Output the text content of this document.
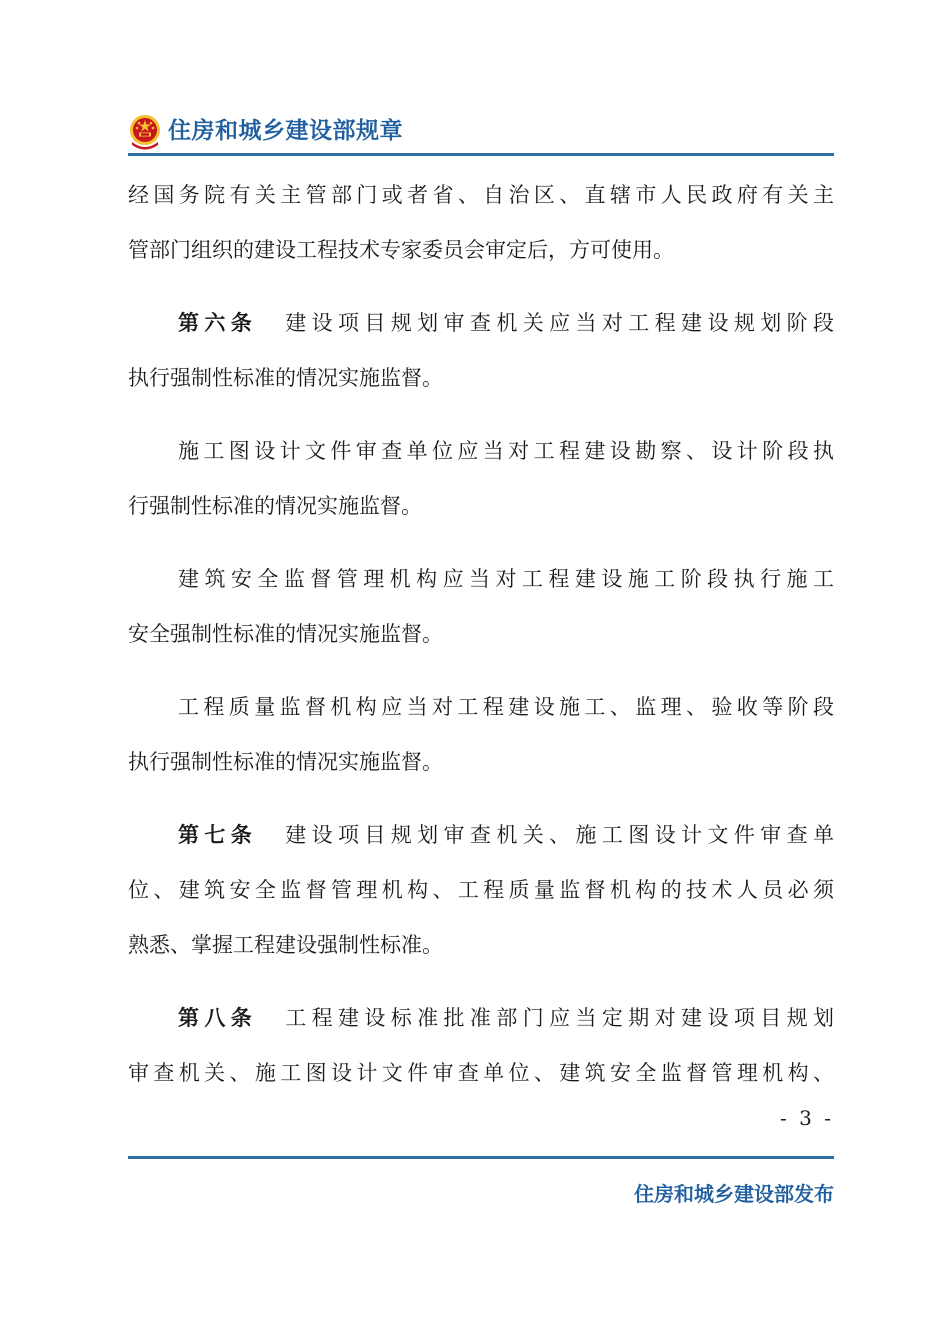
住房和城乡建设部规章
经国务院有关主管部门或者省、自治区、直辖市人民政府有关主
管部门组织的建设工程技术专家委员会审定后，方可使用。
第六条 建设项目规划审查机关应当对工程建设规划阶段
执行强制性标准的情况实施监督。
施工图设计文件审查单位应当对工程建设勘察、设计阶段执
行强制性标准的情况实施监督。
建筑安全监督管理机构应当对工程建设施工阶段执行施工
安全强制性标准的情况实施监督。
工程质量监督机构应当对工程建设施工、监理、验收等阶段
执行强制性标准的情况实施监督。
第七条 建设项目规划审查机关、施工图设计文件审查单
位、建筑安全监督管理机构、工程质量监督机构的技术人员必须
熟悉、掌握工程建设强制性标准。
第八条 工程建设标准批准部门应当定期对建设项目规划
审查机关、施工图设计文件审查单位、建筑安全监督管理机构、
- 3 -
住房和城乡建设部发布
